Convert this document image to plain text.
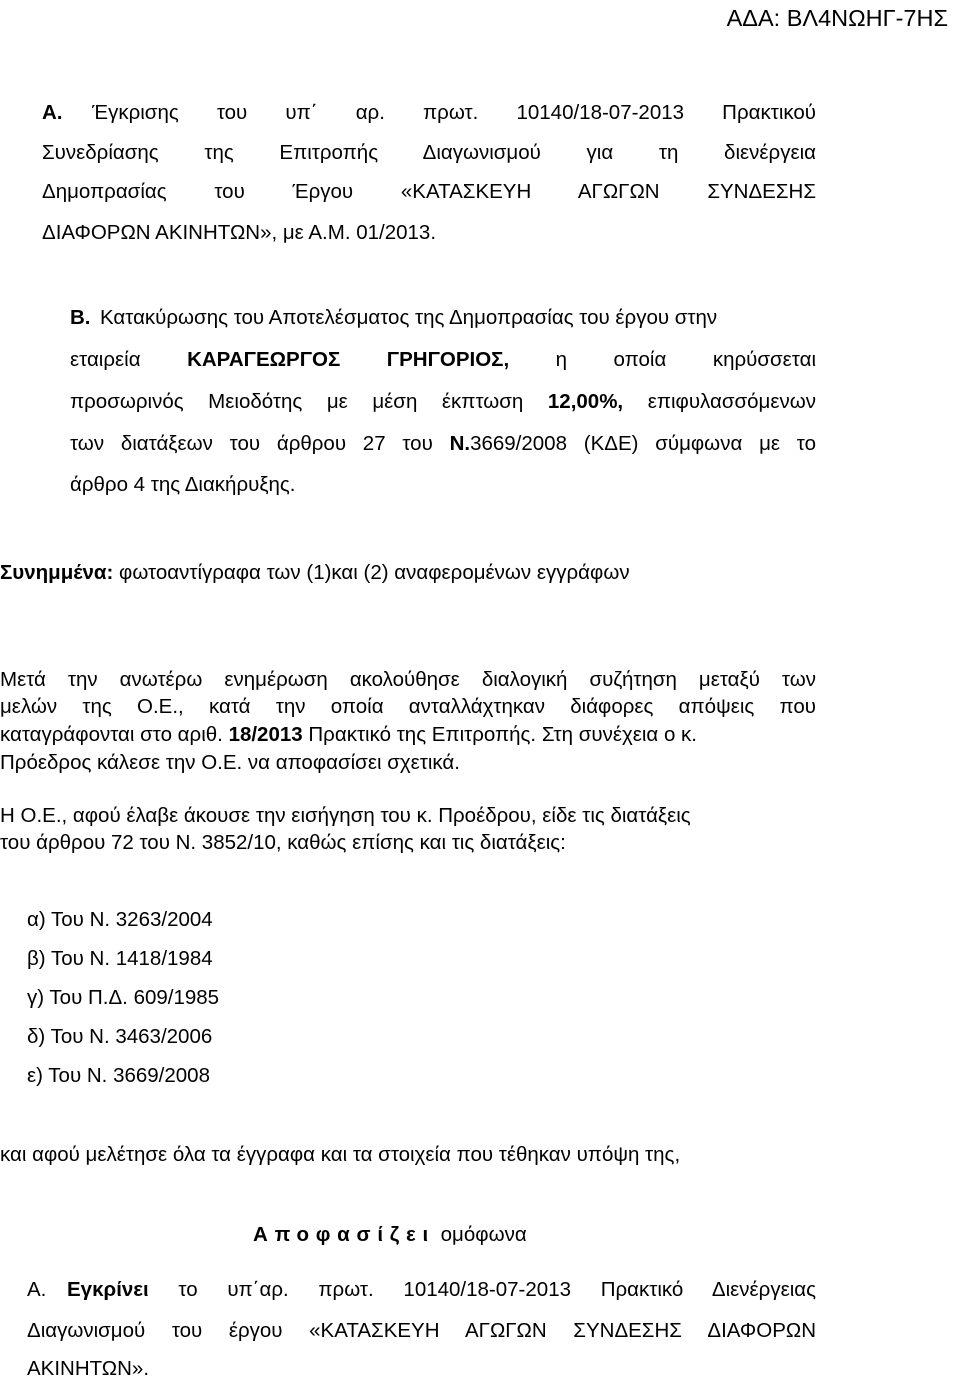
ΑΔΑ: ΒΛ4ΝΩΗΓ-7ΗΣ
Α. Έγκρισης του υπ΄ αρ. πρωτ. 10140/18-07-2013 Πρακτικού
Συνεδρίασης της Επιτροπής Διαγωνισμού για τη διενέργεια
Δημοπρασίας του Έργου «ΚΑΤΑΣΚΕΥΗ ΑΓΩΓΩΝ ΣΥΝΔΕΣΗΣ
ΔΙΑΦΟΡΩΝ ΑΚΙΝΗΤΩΝ», με Α.Μ. 01/2013.
Β. Κατακύρωσης του Αποτελέσματος της Δημοπρασίας του έργου στην
εταιρεία ΚΑΡΑΓΕΩΡΓΟΣ ΓΡΗΓΟΡΙΟΣ, η οποία κηρύσσεται
προσωρινός Μειοδότης με μέση έκπτωση 12,00%, επιφυλασσόμενων
των διατάξεων του άρθρου 27 του Ν.3669/2008 (ΚΔΕ) σύμφωνα με το
άρθρο 4 της Διακήρυξης.
Συνημμένα: φωτοαντίγραφα των (1)και (2) αναφερομένων εγγράφων
Μετά την ανωτέρω ενημέρωση ακολούθησε διαλογική συζήτηση μεταξύ των
μελών της Ο.Ε., κατά την οποία ανταλλάχτηκαν διάφορες απόψεις που
καταγράφονται στο αριθ. 18/2013 Πρακτικό της Επιτροπής. Στη συνέχεια ο κ.
Πρόεδρος κάλεσε την Ο.Ε. να αποφασίσει σχετικά.
Η Ο.Ε., αφού έλαβε άκουσε την εισήγηση του κ. Προέδρου, είδε τις διατάξεις
του άρθρου 72 του Ν. 3852/10, καθώς επίσης και τις διατάξεις:
α) Του Ν. 3263/2004
β) Του Ν. 1418/1984
γ) Του Π.Δ. 609/1985
δ) Του Ν. 3463/2006
ε) Του Ν. 3669/2008
και αφού μελέτησε όλα τα έγγραφα και τα στοιχεία που τέθηκαν υπόψη της,
Αποφασίζει ομόφωνα
Α. Εγκρίνει το υπ΄αρ. πρωτ. 10140/18-07-2013 Πρακτικό Διενέργειας
Διαγωνισμού του έργου «ΚΑΤΑΣΚΕΥΗ ΑΓΩΓΩΝ ΣΥΝΔΕΣΗΣ ΔΙΑΦΟΡΩΝ
ΑΚΙΝΗΤΩΝ».
